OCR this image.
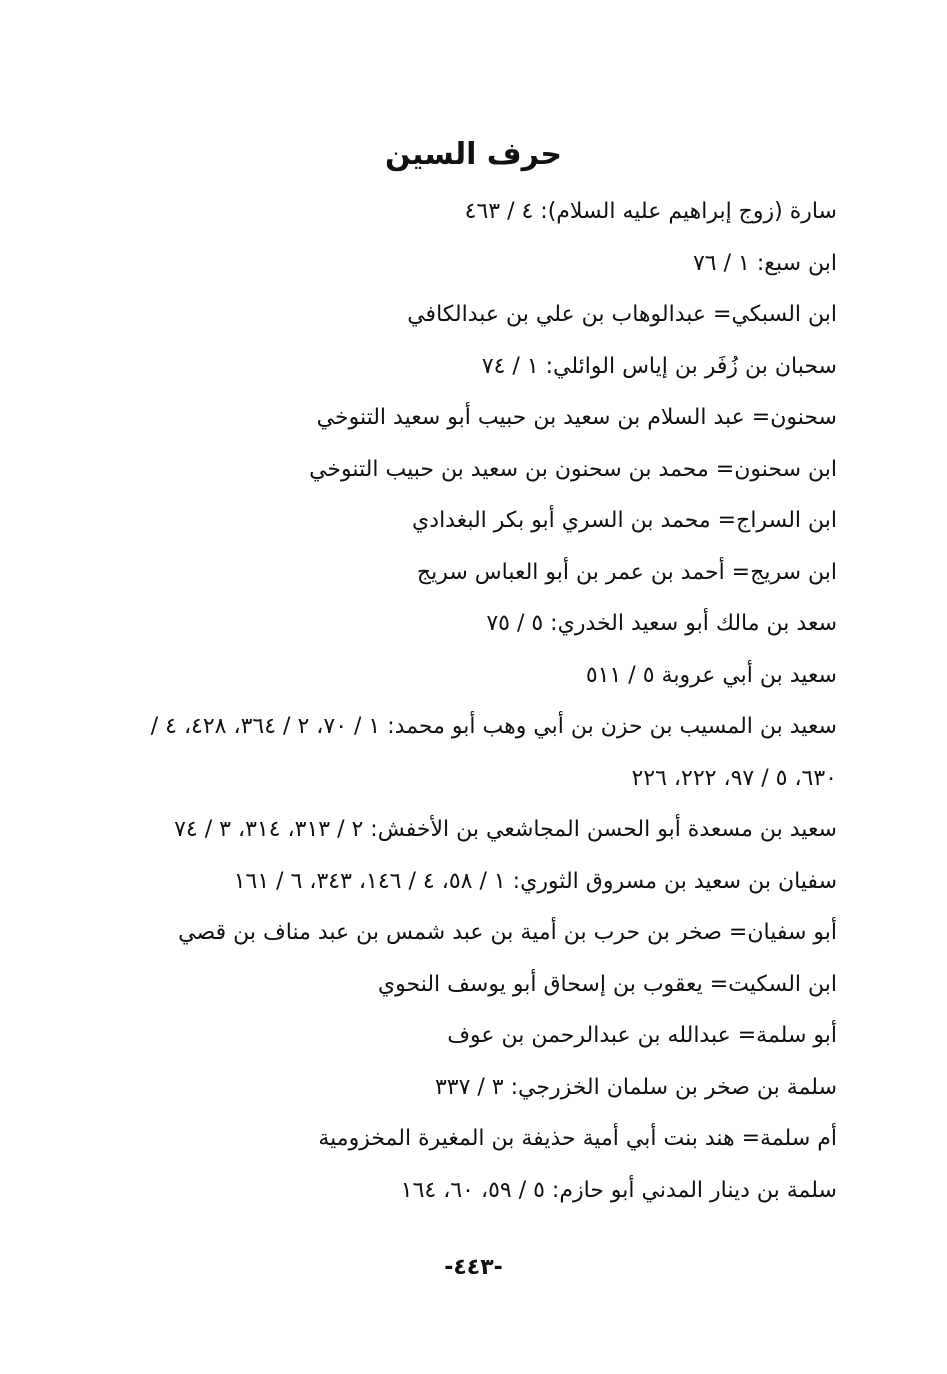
حرف السين
سارة (زوج إبراهيم عليه السلام): ٤ / ٤٦٣
ابن سبع: ١ / ٧٦
ابن السبكي= عبدالوهاب بن علي بن عبدالكافي
سحبان بن زُفَر بن إياس الوائلي: ١ / ٧٤
سحنون= عبد السلام بن سعيد بن حبيب أبو سعيد التنوخي
ابن سحنون= محمد بن سحنون بن سعيد بن حبيب التنوخي
ابن السراج= محمد بن السري أبو بكر البغدادي
ابن سريج= أحمد بن عمر بن أبو العباس سريج
سعد بن مالك أبو سعيد الخدري: ٥ / ٧٥
سعيد بن أبي عروبة ٥ / ٥١١
سعيد بن المسيب بن حزن بن أبي وهب أبو محمد: ١ / ٧٠، ٢ / ٣٦٤، ٤٢٨، ٤ / ٦٣٠، ٥ / ٩٧، ٢٢٢، ٢٢٦
سعيد بن مسعدة أبو الحسن المجاشعي بن الأخفش: ٢ / ٣١٣، ٣١٤، ٣ / ٧٤
سفيان بن سعيد بن مسروق الثوري: ١ / ٥٨، ٤ / ١٤٦، ٣٤٣، ٦ / ١٦١
أبو سفيان= صخر بن حرب بن أمية بن عبد شمس بن عبد مناف بن قصي
ابن السكيت= يعقوب بن إسحاق أبو يوسف النحوي
أبو سلمة= عبدالله بن عبدالرحمن بن عوف
سلمة بن صخر بن سلمان الخزرجي: ٣ / ٣٣٧
أم سلمة= هند بنت أبي أمية حذيفة بن المغيرة المخزومية
سلمة بن دينار المدني أبو حازم: ٥ / ٥٩، ٦٠، ١٦٤
-٤٤٣-
